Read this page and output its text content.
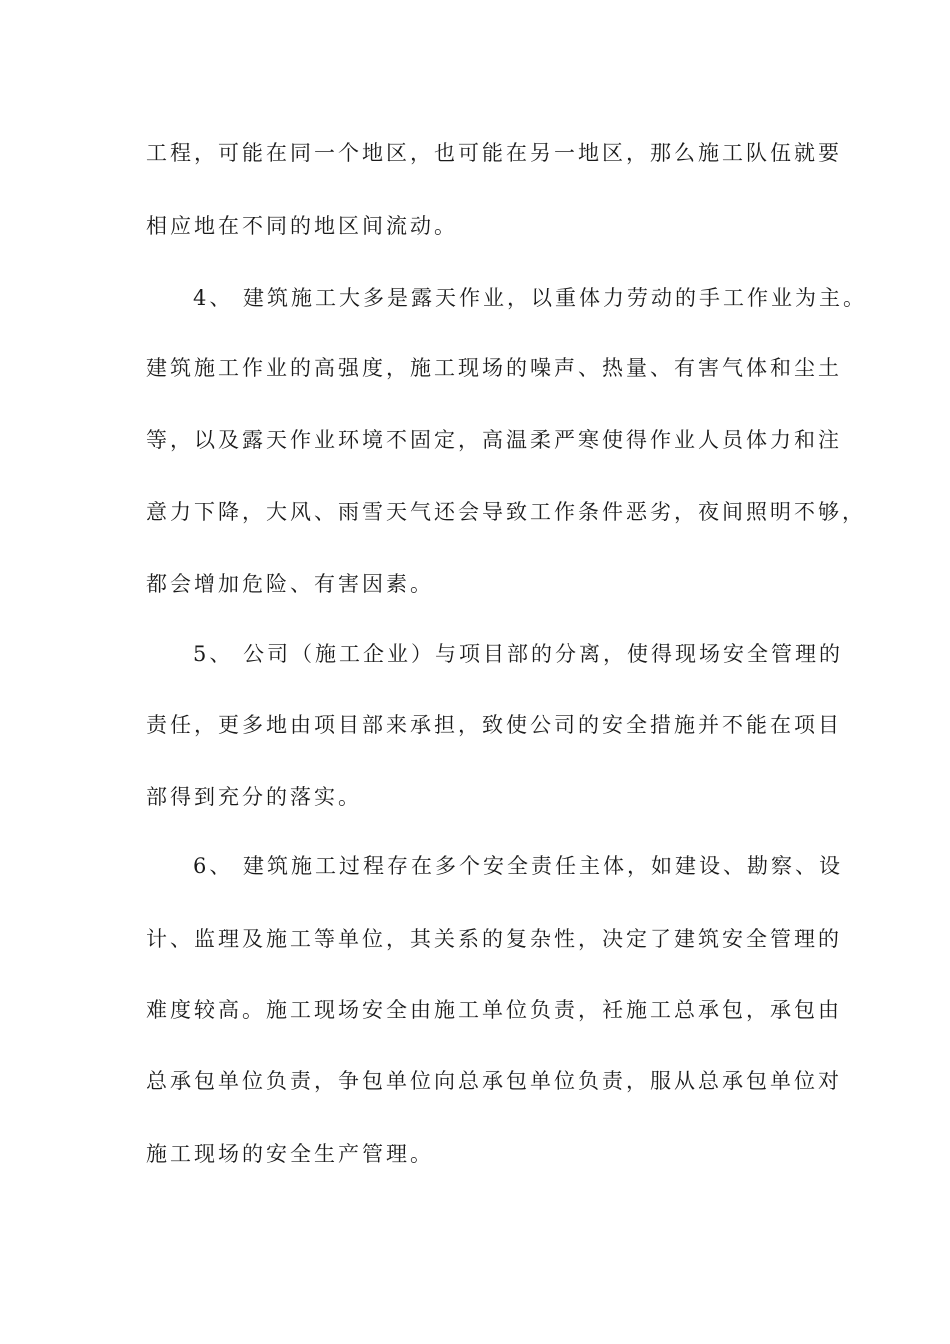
工程，可能在同一个地区，也可能在另一地区，那么施工队伍就要

相应地在不同的地区间流动。

4、 建筑施工大多是露天作业，以重体力劳动的手工作业为主。

建筑施工作业的高强度，施工现场的噪声、热量、有害气体和尘土

等，以及露天作业环境不固定，高温柔严寒使得作业人员体力和注

意力下降，大风、雨雪天气还会导致工作条件恶劣，夜间照明不够，

都会增加危险、有害因素。

5、 公司（施工企业）与项目部的分离，使得现场安全管理的

责任，更多地由项目部来承担，致使公司的安全措施并不能在项目

部得到充分的落实。

6、 建筑施工过程存在多个安全责任主体，如建设、勘察、设

计、监理及施工等单位，其关系的复杂性，决定了建筑安全管理的

难度较高。施工现场安全由施工单位负责，衽施工总承包，承包由

总承包单位负责，争包单位向总承包单位负责，服从总承包单位对

施工现场的安全生产管理。
